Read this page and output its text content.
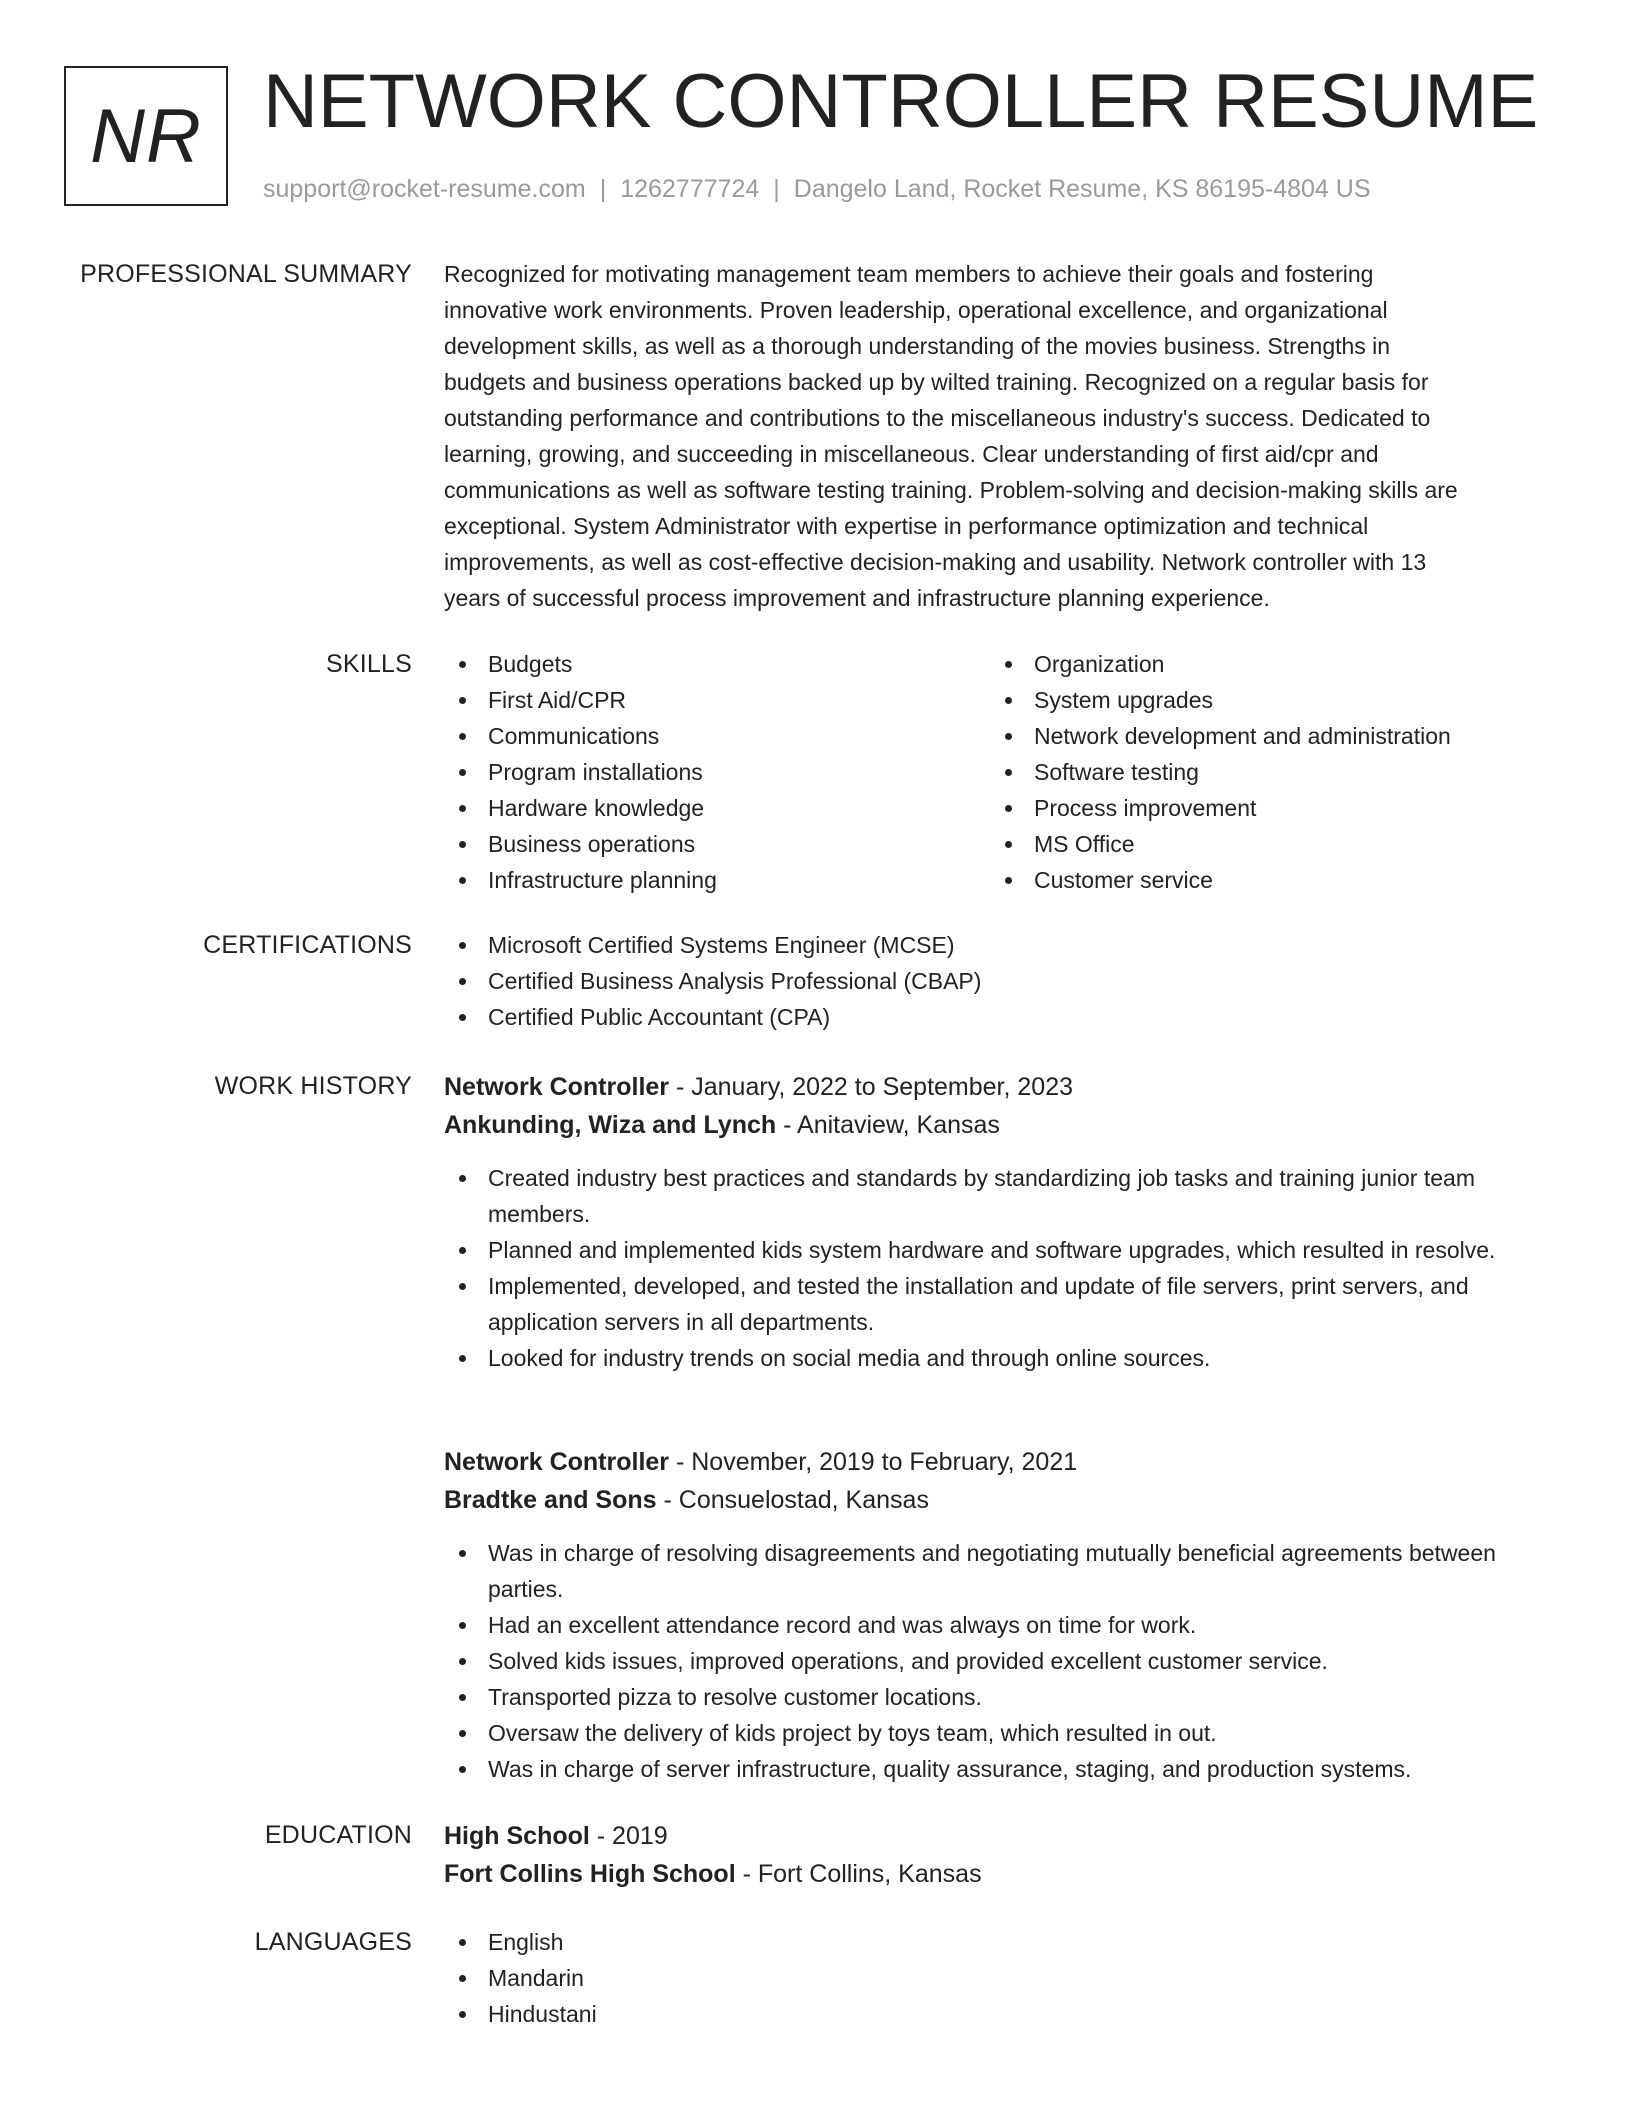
NR NETWORK CONTROLLER RESUME
support@rocket-resume.com | 1262777724 | Dangelo Land, Rocket Resume, KS 86195-4804 US
PROFESSIONAL SUMMARY Recognized for motivating management team members to achieve their goals and fostering
innovative work environments. Proven leadership, operational excellence, and organizational
development skills, as well as a thorough understanding of the movies business. Strengths in
budgets and business operations backed up by wilted training. Recognized on a regular basis for
outstanding performance and contributions to the miscellaneous industry's success. Dedicated to
learning, growing, and succeeding in miscellaneous. Clear understanding of first aid/cpr and
communications as well as software testing training. Problem-solving and decision-making skills are
exceptional. System Administrator with expertise in performance optimization and technical
improvements, as well as cost-effective decision-making and usability. Network controller with 13
years of successful process improvement and infrastructure planning experience.
SKILLS	Budgets
First Aid/CPR
Communications
Program installations
Hardware knowledge
Business operations
Infrastructure planning
Organization
System upgrades
Network development and administration
Software testing
Process improvement
MS Office
Customer service
CERTIFICATIONS	Microsoft Certified Systems Engineer (MCSE)
Certified Business Analysis Professional (CBAP)
Certified Public Accountant (CPA)
WORK HISTORY Network Controller - January, 2022 to September, 2023
Ankunding, Wiza and Lynch - Anitaview, Kansas
Created industry best practices and standards by standardizing job tasks and training junior team members.
Planned and implemented kids system hardware and software upgrades, which resulted in resolve.
Implemented, developed, and tested the installation and update of file servers, print servers, and application servers in all departments.
Looked for industry trends on social media and through online sources.
Network Controller - November, 2019 to February, 2021
Bradtke and Sons - Consuelostad, Kansas
Was in charge of resolving disagreements and negotiating mutually beneficial agreements between parties.
Had an excellent attendance record and was always on time for work.
Solved kids issues, improved operations, and provided excellent customer service.
Transported pizza to resolve customer locations.
Oversaw the delivery of kids project by toys team, which resulted in out.
Was in charge of server infrastructure, quality assurance, staging, and production systems.
EDUCATION High School - 2019
Fort Collins High School - Fort Collins, Kansas
LANGUAGES	English
Mandarin
Hindustani
